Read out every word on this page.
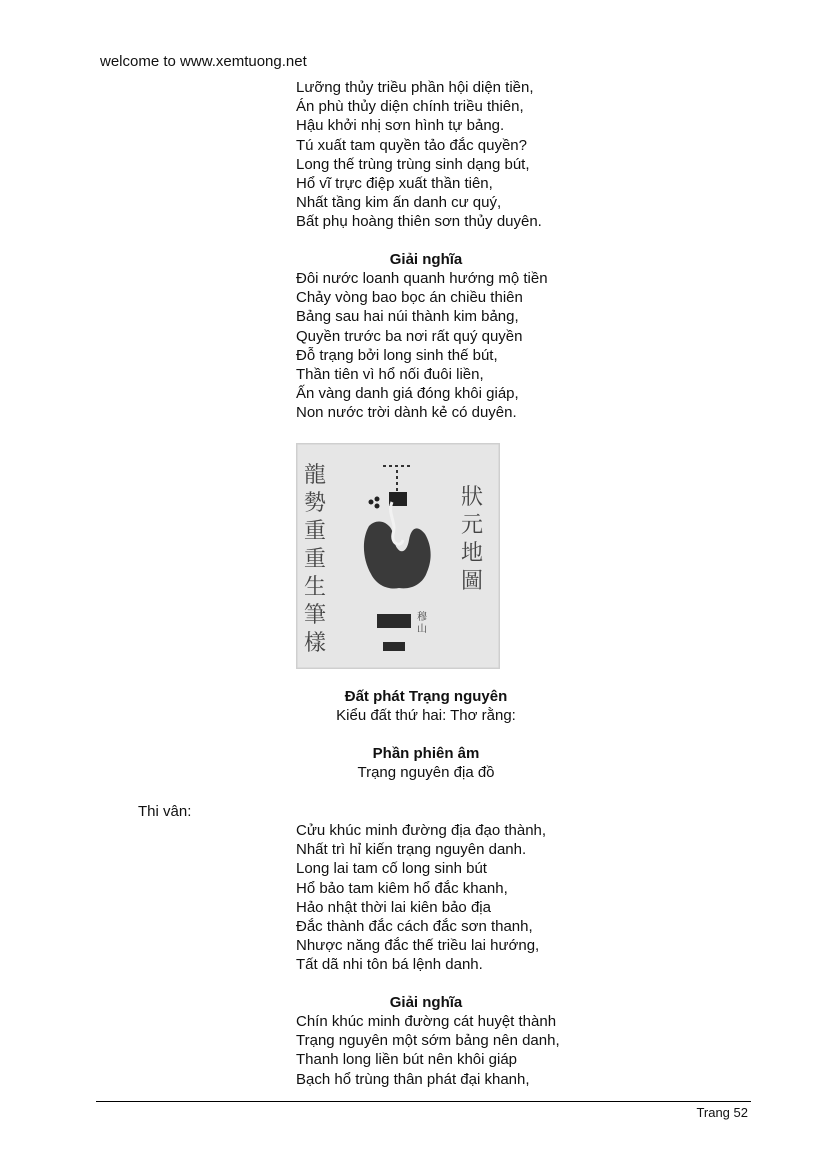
welcome to www.xemtuong.net
Lưỡng thủy triều phần hội diện tiền,
Án phù thủy diện chính triều thiên,
Hậu khởi nhị sơn hình tự bảng.
Tú xuất tam quyền tảo đắc quyền?
Long thế trùng trùng sinh dạng bút,
Hổ vĩ trực điệp xuất thần tiên,
Nhất tầng kim ấn danh cư quý,
Bất phụ hoàng thiên sơn thủy duyên.
Giải nghĩa
Đôi nước loanh quanh hướng mộ tiền
Chảy vòng bao bọc án chiều thiên
Bảng sau hai núi thành kim bảng,
Quyền trước ba nơi rất quý quyền
Đỗ trạng bởi long sinh thế bút,
Thần tiên vì hổ nối đuôi liền,
Ấn vàng danh giá đóng khôi giáp,
Non nước trời dành kẻ có duyên.
龍勢重重生筆樣
狀元地圖
穆山
Đất phát Trạng nguyên
Kiểu đất thứ hai: Thơ rằng:
Phần phiên âm
Trạng nguyên địa đồ
Thi vân:
Cửu khúc minh đường địa đạo thành,
Nhất trì hỉ kiến trạng nguyên danh.
Long lai tam cố long sinh bút
Hổ bảo tam kiêm hổ đắc khanh,
Hảo nhật thời lai kiên bảo địa
Đắc thành đắc cách đắc sơn thanh,
Nhược năng đắc thế triều lai hướng,
Tất dã nhi tôn bá lệnh danh.
Giải nghĩa
Chín khúc minh đường cát huyệt thành
Trạng nguyên một sớm bảng nên danh,
Thanh long liền bút nên khôi giáp
Bạch hổ trùng thân phát đại khanh,
Trang 52
